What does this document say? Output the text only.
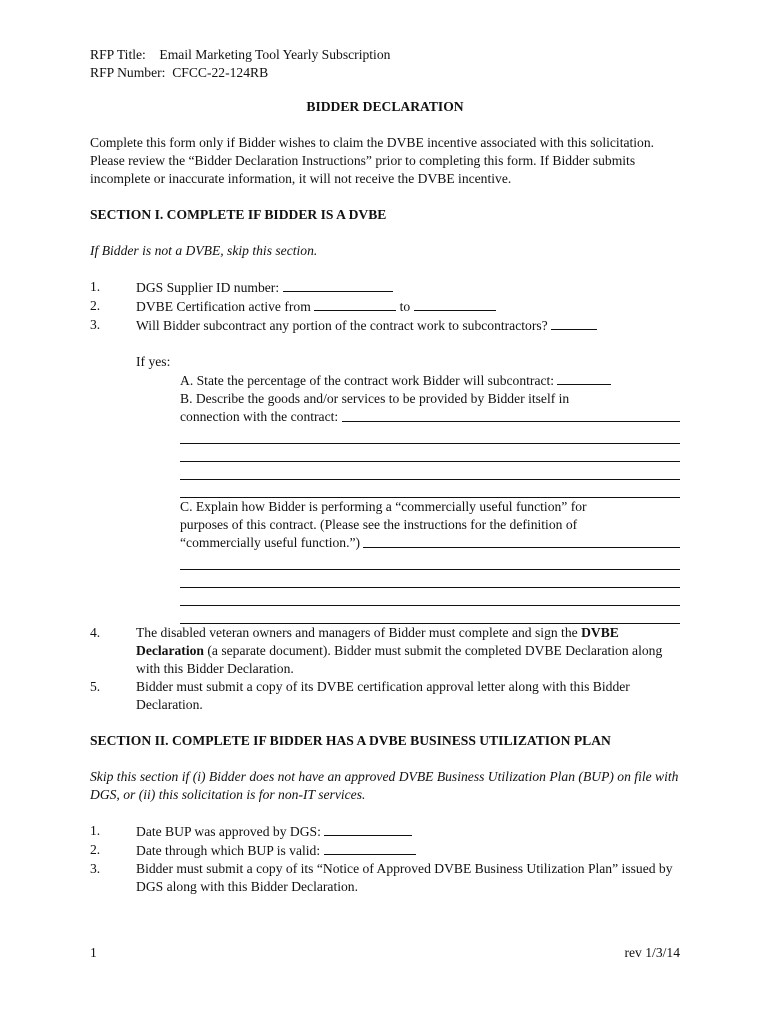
RFP Title: Email Marketing Tool Yearly Subscription
RFP Number: CFCC-22-124RB
BIDDER DECLARATION
Complete this form only if Bidder wishes to claim the DVBE incentive associated with this solicitation. Please review the “Bidder Declaration Instructions” prior to completing this form. If Bidder submits incomplete or inaccurate information, it will not receive the DVBE incentive.
SECTION I. COMPLETE IF BIDDER IS A DVBE
If Bidder is not a DVBE, skip this section.
1.	DGS Supplier ID number:
2.	DVBE Certification active from	to
3.	Will Bidder subcontract any portion of the contract work to subcontractors?
If yes:
A. State the percentage of the contract work Bidder will subcontract:
B. Describe the goods and/or services to be provided by Bidder itself in
connection with the contract:

C. Explain how Bidder is performing a “commercially useful function” for
purposes of this contract. (Please see the instructions for the definition of
“commercially useful function.”)

4.	The disabled veteran owners and managers of Bidder must complete and sign the DVBE Declaration (a separate document). Bidder must submit the completed DVBE Declaration along with this Bidder Declaration.
5.	Bidder must submit a copy of its DVBE certification approval letter along with this Bidder Declaration.
SECTION II. COMPLETE IF BIDDER HAS A DVBE BUSINESS UTILIZATION PLAN
Skip this section if (i) Bidder does not have an approved DVBE Business Utilization Plan (BUP) on file with DGS, or (ii) this solicitation is for non-IT services.
1.	Date BUP was approved by DGS:
2.	Date through which BUP is valid:
3.	Bidder must submit a copy of its “Notice of Approved DVBE Business Utilization Plan” issued by DGS along with this Bidder Declaration.
1	rev 1/3/14
